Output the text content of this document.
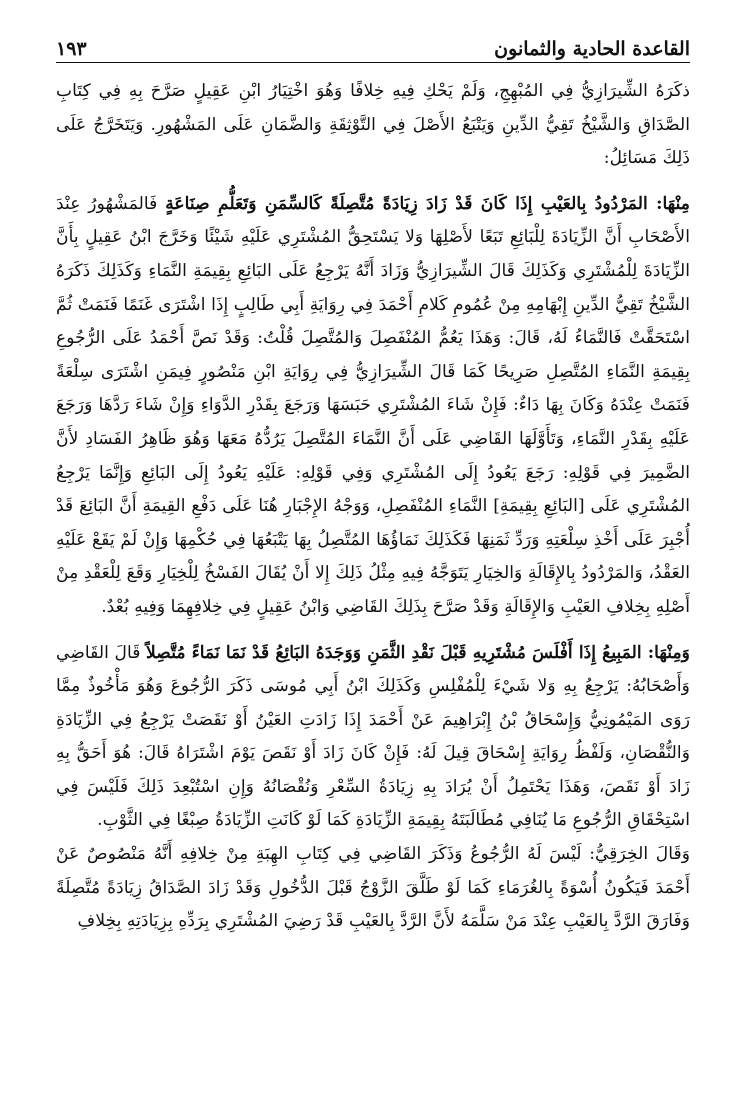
القاعدة الحادية والثمانون
١٩٣

ذكَرَهُ الشِّيرَازِيُّ فِي المُبْهِجِ، وَلَمْ يَحْكِ فِيهِ خِلافًا وَهُوَ اخْتِيَارُ ابْنِ عَقِيلٍ صَرَّحَ بِهِ فِي كِتَابِ الصَّدَاقِ وَالشَّيْخُ تَقِيُّ الدِّينِ وَيَتْبَعُ الأَصْلَ فِي التَّوْثِقَةِ وَالضَّمَانِ عَلَى المَشْهُورِ. وَيَتَخَرَّجُ عَلَى ذَلِكَ مَسَائِلُ:

مِنْهَا: المَرْدُودُ بِالعَيْبِ إِذَا كَانَ قَدْ زَادَ زِيَادَةً مُتَّصِلَةً كَالسِّمَنِ وَتَعَلُّمِ صِنَاعَةٍ فَالمَشْهُورُ عِنْدَ الأَصْحَابِ أَنَّ الزِّيَادَةَ لِلْبَائِعِ تَبَعًا لأَصْلِهَا وَلا يَسْتَحِقُّ المُشْتَرِي عَلَيْهِ شَيْئًا وَخَرَّجَ ابْنُ عَقِيلٍ بِأَنَّ الزِّيَادَةَ لِلْمُشْتَرِي وَكَذَلِكَ قَالَ الشِّيرَازِيُّ وَزَادَ أَنَّهُ يَرْجِعُ عَلَى البَائِعِ بِقِيمَةِ النَّمَاءِ وَكَذَلِكَ ذَكَرَهُ الشَّيْخُ تَقِيُّ الدِّينِ إِبْهَامِهِ مِنْ عُمُومِ كَلامِ أَحْمَدَ فِي رِوَايَةِ أَبِي طَالِبٍ إِذَا اشْتَرَى غَنَمًا فَنَمَتْ ثُمَّ اسْتَحَقَّتْ فَالنَّمَاءُ لَهُ، قَالَ: وَهَذَا يَعُمُّ المُنْفَصِلَ وَالمُتَّصِلَ قُلْتُ: وَقَدْ نَصَّ أَحْمَدُ عَلَى الرُّجُوعِ بِقِيمَةِ النَّمَاءِ المُتَّصِلِ صَرِيحًا كَمَا قَالَ الشِّيرَازِيُّ فِي رِوَايَةِ ابْنِ مَنْصُورٍ فِيمَنِ اشْتَرَى سِلْعَةً فَنَمَتْ عِنْدَهُ وَكَانَ بِهَا دَاءٌ: فَإِنْ شَاءَ المُشْتَرِي حَبَسَهَا وَرَجَعَ بِقَدْرِ الدَّوَاءِ وَإِنْ شَاءَ رَدَّهَا وَرَجَعَ عَلَيْهِ بِقَدْرِ النَّمَاءِ، وَتَأَوَّلَهَا القَاضِي عَلَى أَنَّ النَّمَاءَ المُتَّصِلَ يَرُدُّهُ مَعَهَا وَهُوَ ظَاهِرُ الفَسَادِ لأَنَّ الضَّمِيرَ فِي قَوْلِهِ: رَجَعَ يَعُودُ إِلَى المُشْتَرِي وَفِي قَوْلِهِ: عَلَيْهِ يَعُودُ إِلَى البَائِعِ وَإِنَّمَا يَرْجِعُ المُشْتَرِي عَلَى [البَائِعِ بِقِيمَةِ] النَّمَاءِ المُنْفَصِلِ، وَوَجْهُ الإِجْبَارِ هُنَا عَلَى دَفْعِ القِيمَةِ أَنَّ البَائِعَ قَدْ أُجْبِرَ عَلَى أَخْذِ سِلْعَتِهِ وَرَدِّ ثَمَنِهَا فَكَذَلِكَ نَمَاؤُهَا المُتَّصِلُ بِهَا يَتْبَعُهَا فِي حُكْمِهَا وَإِنْ لَمْ يَقَعْ عَلَيْهِ العَقْدُ، وَالمَرْدُودُ بِالإِقَالَةِ وَالخِيَارِ يَتَوَجَّهُ فِيهِ مِثْلُ ذَلِكَ إِلا أَنْ يُقَالَ الفَسْخُ لِلْخِيَارِ وَقَعَ لِلْعَقْدِ مِنْ أَصْلِهِ بِخِلافِ العَيْبِ وَالإِقَالَةِ وَقَدْ صَرَّحَ بِذَلِكَ القَاضِي وَابْنُ عَقِيلٍ فِي خِلافِهِمَا وَفِيهِ بُعْدٌ.

وَمِنْهَا: المَبِيعُ إِذَا أَفْلَسَ مُشْتَرِيهِ قَبْلَ نَقْدِ الثَّمَنِ وَوَجَدَهُ البَائِعُ قَدْ نَمَا نَمَاءً مُتَّصِلاً قَالَ القَاضِي وَأَصْحَابُهُ: يَرْجِعُ بِهِ وَلا شَيْءَ لِلْمُفْلِسِ وَكَذَلِكَ ابْنُ أَبِي مُوسَى ذَكَرَ الرُّجُوعَ وَهُوَ مَأْخُوذٌ مِمَّا رَوَى المَيْمُونِيُّ وَإِسْحَاقُ بْنُ إِبْرَاهِيمَ عَنْ أَحْمَدَ إِذَا زَادَتِ العَيْنُ أَوْ نَقَصَتْ يَرْجِعُ فِي الزِّيَادَةِ وَالنُّقْصَانِ، وَلَفْظُ رِوَايَةِ إِسْحَاقَ قِيلَ لَهُ: فَإِنْ كَانَ زَادَ أَوْ نَقَصَ يَوْمَ اشْتَرَاهُ قَالَ: هُوَ أَحَقُّ بِهِ زَادَ أَوْ نَقَصَ، وَهَذَا يَحْتَمِلُ أَنْ يُرَادَ بِهِ زِيَادَةُ السِّعْرِ وَنُقْصَانُهُ وَإِنِ اسْتُبْعِدَ ذَلِكَ فَلَيْسَ فِي اسْتِحْقَاقِ الرُّجُوعِ مَا يُنَافِي مُطَالَبَتَهُ بِقِيمَةِ الزِّيَادَةِ كَمَا لَوْ كَانَتِ الزِّيَادَةُ صِبْغًا فِي الثَّوْبِ.

وَقَالَ الخِرَقِيُّ: لَيْسَ لَهُ الرُّجُوعُ وَذَكَرَ القَاضِي فِي كِتَابِ الهِبَةِ مِنْ خِلافِهِ أَنَّهُ مَنْصُوصٌ عَنْ أَحْمَدَ فَيَكُونُ أُسْوَةً بِالغُرَمَاءِ كَمَا لَوْ طَلَّقَ الزَّوْجُ قَبْلَ الدُّخُولِ وَقَدْ زَادَ الصَّدَاقُ زِيَادَةً مُتَّصِلَةً وَفَارَقَ الرَّدَّ بِالعَيْبِ عِنْدَ مَنْ سَلَّمَهُ لأَنَّ الرَّدَّ بِالعَيْبِ قَدْ رَضِيَ المُشْتَرِي بِرَدِّهِ بِزِيَادَتِهِ بِخِلافِ
